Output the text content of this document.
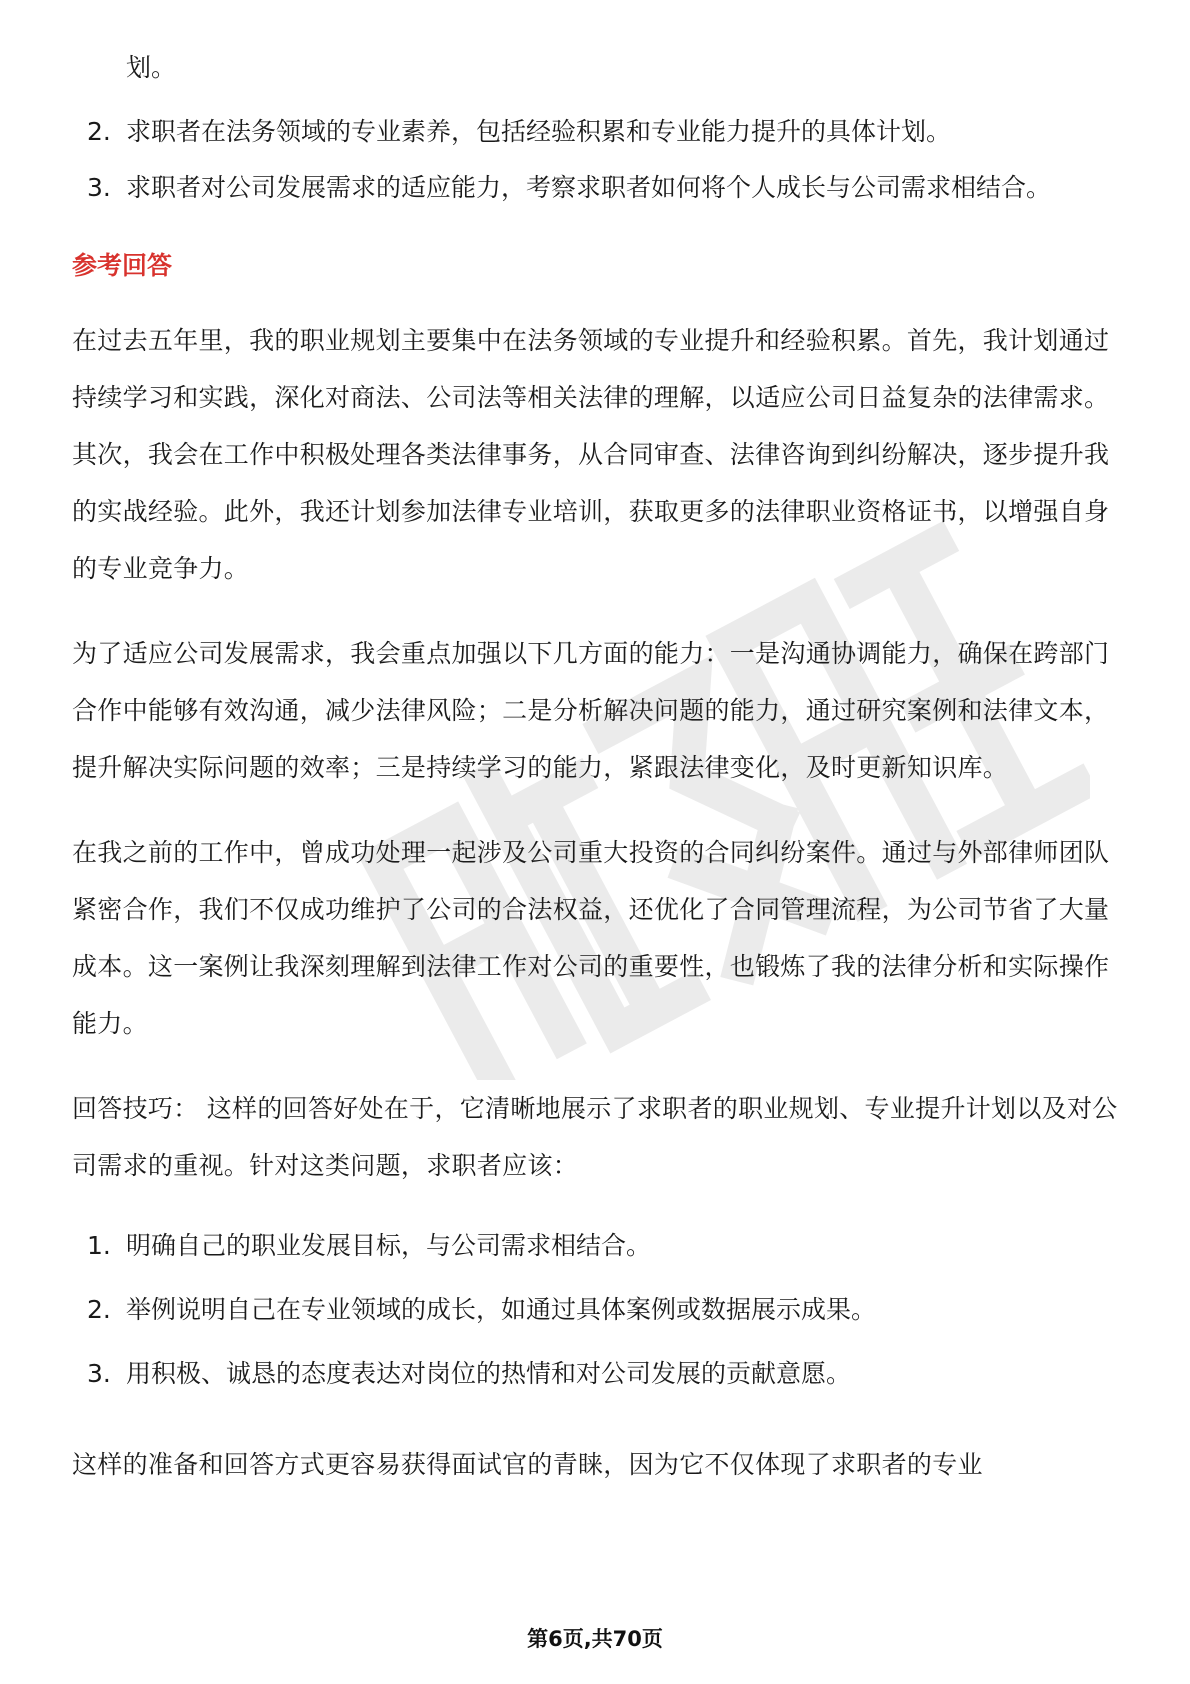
划。
2. 求职者在法务领域的专业素养，包括经验积累和专业能力提升的具体计划。
3. 求职者对公司发展需求的适应能力，考察求职者如何将个人成长与公司需求相结合。
参考回答

在过去五年里，我的职业规划主要集中在法务领域的专业提升和经验积累。首先，我计划通过持续学习和实践，深化对商法、公司法等相关法律的理解，以适应公司日益复杂的法律需求。其次，我会在工作中积极处理各类法律事务，从合同审查、法律咨询到纠纷解决，逐步提升我的实战经验。此外，我还计划参加法律专业培训，获取更多的法律职业资格证书，以增强自身的专业竞争力。

为了适应公司发展需求，我会重点加强以下几方面的能力：一是沟通协调能力，确保在跨部门合作中能够有效沟通，减少法律风险；二是分析解决问题的能力，通过研究案例和法律文本，提升解决实际问题的效率；三是持续学习的能力，紧跟法律变化，及时更新知识库。

在我之前的工作中，曾成功处理一起涉及公司重大投资的合同纠纷案件。通过与外部律师团队紧密合作，我们不仅成功维护了公司的合法权益，还优化了合同管理流程，为公司节省了大量成本。这一案例让我深刻理解到法律工作对公司的重要性，也锻炼了我的法律分析和实际操作能力。

回答技巧： 这样的回答好处在于，它清晰地展示了求职者的职业规划、专业提升计划以及对公司需求的重视。针对这类问题，求职者应该：

1. 明确自己的职业发展目标，与公司需求相结合。
2. 举例说明自己在专业领域的成长，如通过具体案例或数据展示成果。
3. 用积极、诚恳的态度表达对岗位的热情和对公司发展的贡献意愿。

这样的准备和回答方式更容易获得面试官的青睐，因为它不仅体现了求职者的专业

第6页,共70页
